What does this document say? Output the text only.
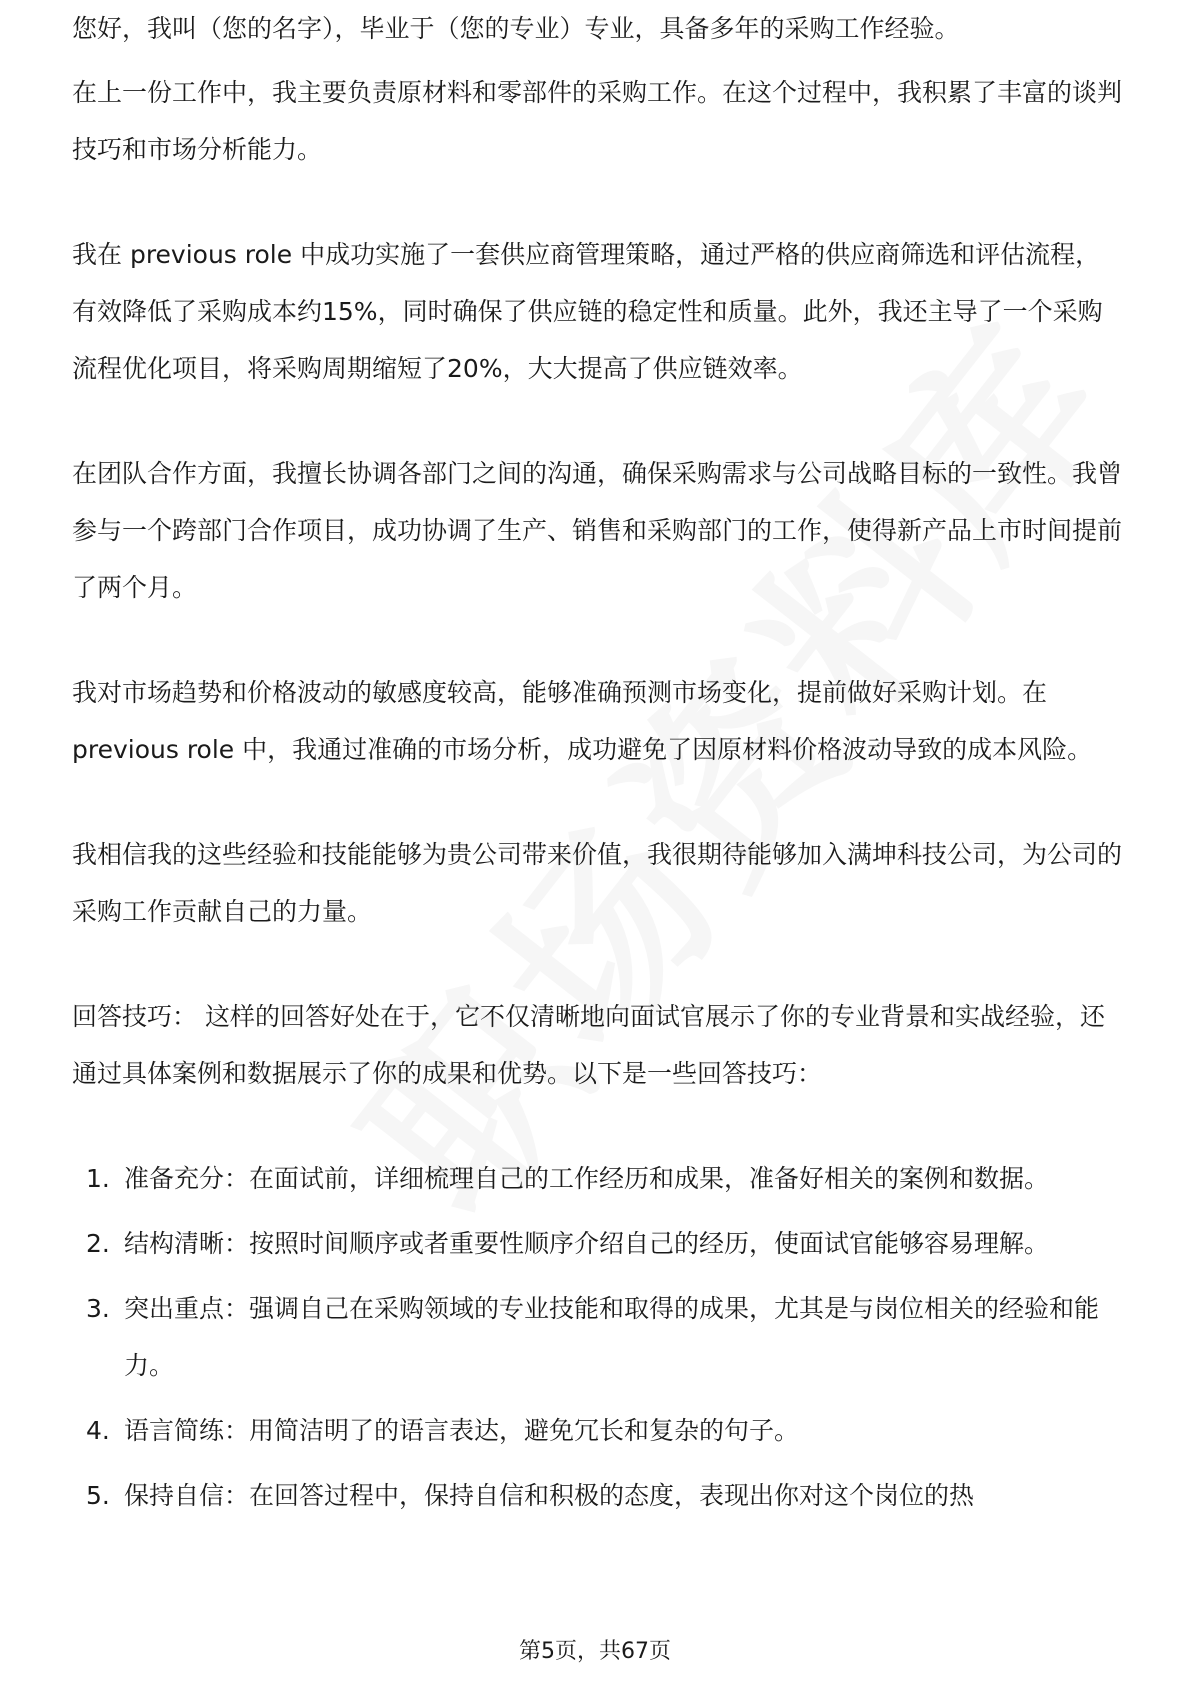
您好，我叫（您的名字），毕业于（您的专业）专业，具备多年的采购工作经验。

在上一份工作中，我主要负责原材料和零部件的采购工作。在这个过程中，我积累了丰富的谈判技巧和市场分析能力。

我在 previous role 中成功实施了一套供应商管理策略，通过严格的供应商筛选和评估流程，有效降低了采购成本约15%，同时确保了供应链的稳定性和质量。此外，我还主导了一个采购流程优化项目，将采购周期缩短了20%，大大提高了供应链效率。

在团队合作方面，我擅长协调各部门之间的沟通，确保采购需求与公司战略目标的一致性。我曾参与一个跨部门合作项目，成功协调了生产、销售和采购部门的工作，使得新产品上市时间提前了两个月。

我对市场趋势和价格波动的敏感度较高，能够准确预测市场变化，提前做好采购计划。在 previous role 中，我通过准确的市场分析，成功避免了因原材料价格波动导致的成本风险。

我相信我的这些经验和技能能够为贵公司带来价值，我很期待能够加入满坤科技公司，为公司的采购工作贡献自己的力量。

回答技巧： 这样的回答好处在于，它不仅清晰地向面试官展示了你的专业背景和实战经验，还通过具体案例和数据展示了你的成果和优势。以下是一些回答技巧：

1. 准备充分：在面试前，详细梳理自己的工作经历和成果，准备好相关的案例和数据。
2. 结构清晰：按照时间顺序或者重要性顺序介绍自己的经历，使面试官能够容易理解。
3. 突出重点：强调自己在采购领域的专业技能和取得的成果，尤其是与岗位相关的经验和能力。
4. 语言简练：用简洁明了的语言表达，避免冗长和复杂的句子。
5. 保持自信：在回答过程中，保持自信和积极的态度，表现出你对这个岗位的热
第5页，共67页
